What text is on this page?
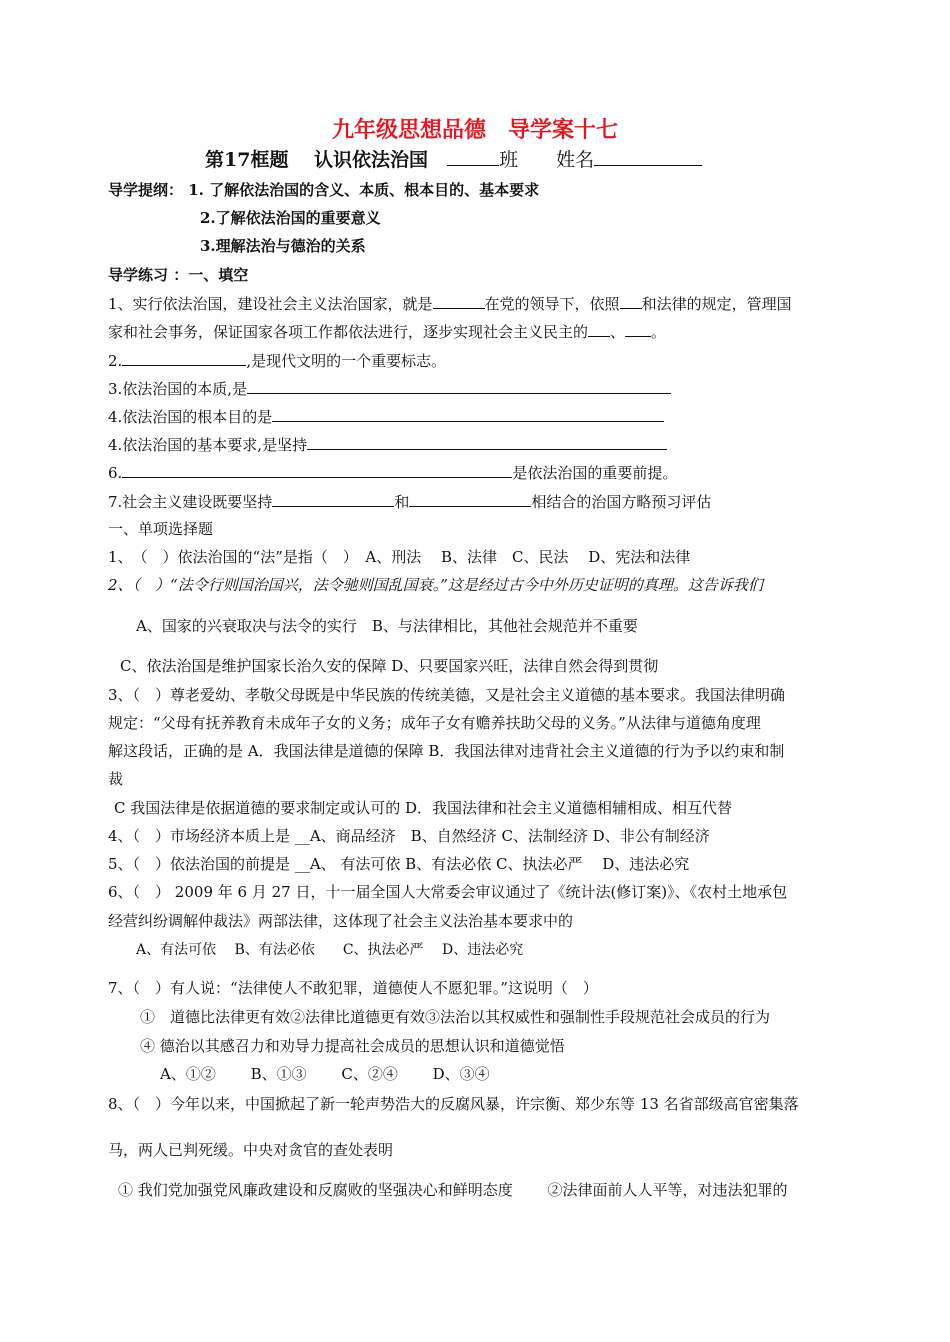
九年级思想品德　导学案十七
第17框题　 认识依法治国　	班　　 姓名
导学提纲： 1. 了解依法治国的含义、本质、根本目的、基本要求
2.了解依法治国的重要意义
3.理解法治与德治的关系
导学练习 ：一、填空
1、实行依法治国，建设社会主义法治国家，就是	在党的领导下，依照 和法律的规定，管理国
家和社会事务，保证国家各项工作都依法进行，逐步实现社会主义民主的 、 。
2.	,是现代文明的一个重要标志。
3.依法治国的本质,是
4.依法治国的根本目的是
4.依法治国的基本要求,是坚持
6.	是依法治国的重要前提。
7.社会主义建设既要坚持	和	相结合的治国方略预习评估
一、单项选择题
1、　（　）依法治国的“法”是指（　）　A、刑法　 B、法律　C、民法　 D、宪法和法律
2、（　）“法令行则国治国兴，法令驰则国乱国衰。”这是经过古今中外历史证明的真理。这告诉我们
A、国家的兴衰取决与法令的实行　B、与法律相比，其他社会规范并不重要
C、依法治国是维护国家长治久安的保障 D、只要国家兴旺，法律自然会得到贯彻
3、（　）尊老爱幼、孝敬父母既是中华民族的传统美德，又是社会主义道德的基本要求。我国法律明确
规定：“父母有抚养教育未成年子女的义务；成年子女有赡养扶助父母的义务。”从法律与道德角度理
解这段话，正确的是 A．我国法律是道德的保障 B．我国法律对违背社会主义道德的行为予以约束和制
裁
C 我国法律是依据道德的要求制定或认可的 D．我国法律和社会主义道德相辅相成、相互代替
4、（　）市场经济本质上是 __A、商品经济　B、自然经济 C、法制经济 D、非公有制经济
5、（　）依法治国的前提是 __A、 有法可依 B、有法必依 C、执法必严　 D、违法必究
6、（　） 2009 年 6 月 27 日，十一届全国人大常委会审议通过了《统计法(修订案)》、《农村土地承包
经营纠纷调解仲裁法》两部法律，这体现了社会主义法治基本要求中的
A、有法可依　 B、有法必依　　C、执法必严　 D、违法必究
7、（　）有人说：“法律使人不敢犯罪，道德使人不愿犯罪。”这说明（　）
①　道德比法律更有效②法律比道德更有效③法治以其权威性和强制性手段规范社会成员的行为
④ 德治以其感召力和劝导力提高社会成员的思想认识和道德觉悟
A、①②　　 B、①③　　 C、②④　　 D、③④
8、（　）今年以来，中国掀起了新一轮声势浩大的反腐风暴，许宗衡、郑少东等 13 名省部级高官密集落
马，两人已判死缓。中央对贪官的查处表明
① 我们党加强党风廉政建设和反腐败的坚强决心和鲜明态度　　 ②法律面前人人平等，对违法犯罪的
